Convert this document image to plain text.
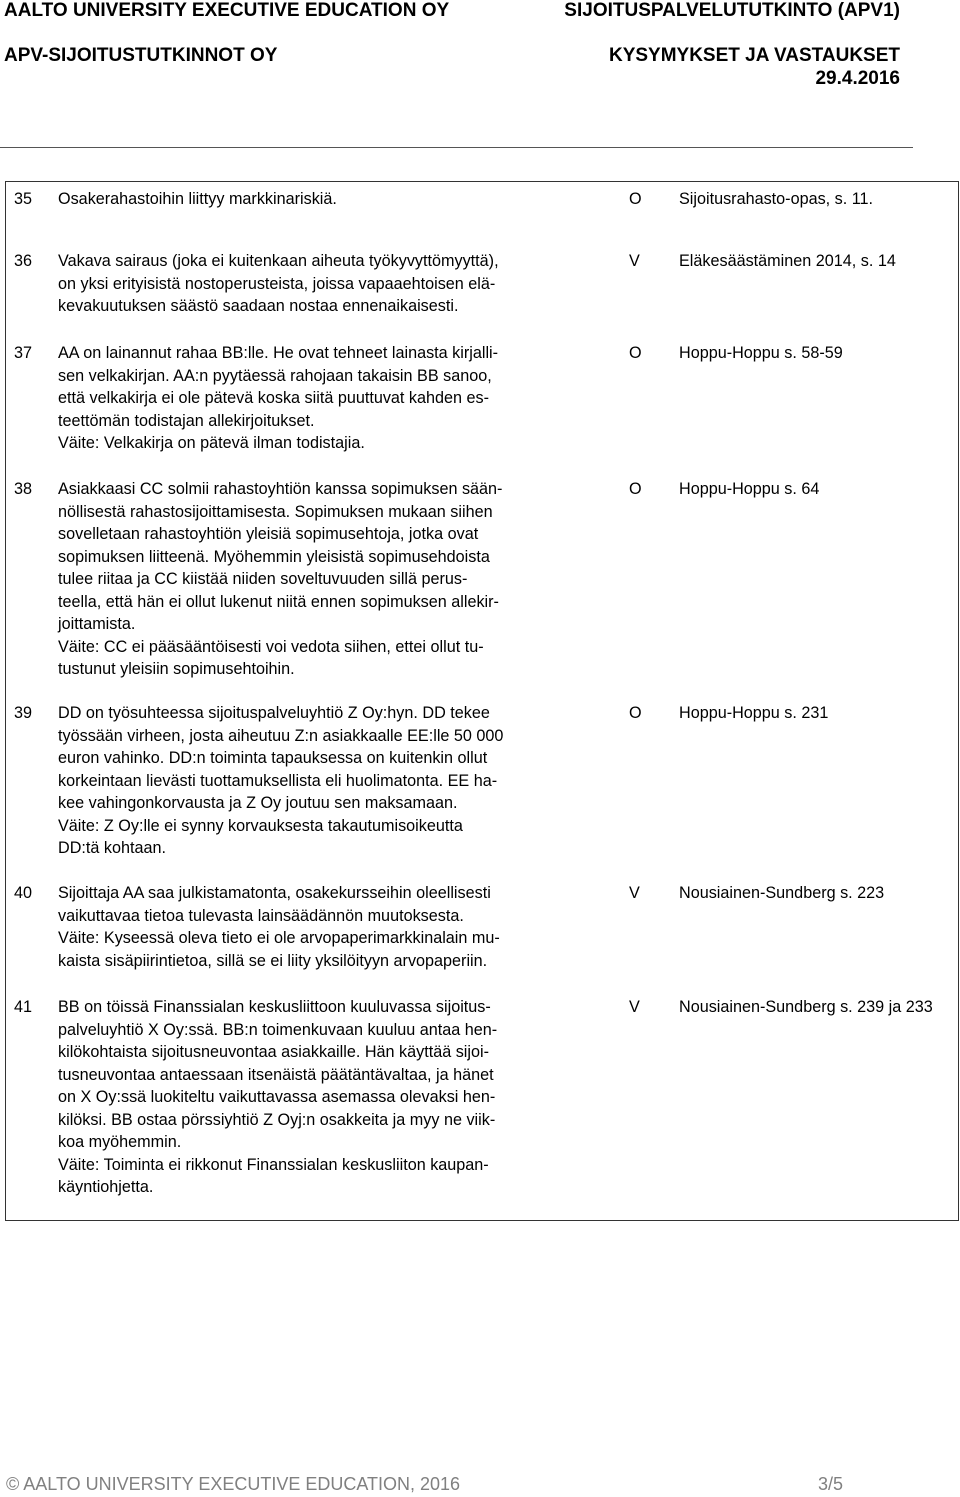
AALTO UNIVERSITY EXECUTIVE EDUCATION OY
APV-SIJOITUSTUTKINNOT OY
SIJOITUSPALVELUTUTKINTO (APV1)
KYSYMYKSET JA VASTAUKSET
29.4.2016
35 Osakerahastoihin liittyy markkinariskiä.	O Sijoitusrahasto-opas, s. 11.
36 Vakava sairaus (joka ei kuitenkaan aiheuta työkyvyttömyyttä),
on yksi erityisistä nostoperusteista, joissa vapaaehtoisen elä-
kevakuutuksen säästö saadaan nostaa ennenaikaisesti.
V Eläkesäästäminen 2014, s. 14
37 AA on lainannut rahaa BB:lle. He ovat tehneet lainasta kirjalli-
sen velkakirjan. AA:n pyytäessä rahojaan takaisin BB sanoo,
että velkakirja ei ole pätevä koska siitä puuttuvat kahden es-
teettömän todistajan allekirjoitukset.
Väite: Velkakirja on pätevä ilman todistajia.
O Hoppu-Hoppu s. 58-59
38 Asiakkaasi CC solmii rahastoyhtiön kanssa sopimuksen sään-
nöllisestä rahastosijoittamisesta. Sopimuksen mukaan siihen
sovelletaan rahastoyhtiön yleisiä sopimusehtoja, jotka ovat
sopimuksen liitteenä. Myöhemmin yleisistä sopimusehdoista
tulee riitaa ja CC kiistää niiden soveltuvuuden sillä perus-
teella, että hän ei ollut lukenut niitä ennen sopimuksen allekir-
joittamista.
Väite: CC ei pääsääntöisesti voi vedota siihen, ettei ollut tu-
tustunut yleisiin sopimusehtoihin.
O Hoppu-Hoppu s. 64
39 DD on työsuhteessa sijoituspalveluyhtiö Z Oy:hyn. DD tekee
työssään virheen, josta aiheutuu Z:n asiakkaalle EE:lle 50 000
euron vahinko. DD:n toiminta tapauksessa on kuitenkin ollut
korkeintaan lievästi tuottamuksellista eli huolimatonta. EE ha-
kee vahingonkorvausta ja Z Oy joutuu sen maksamaan.
Väite: Z Oy:lle ei synny korvauksesta takautumisoikeutta
DD:tä kohtaan.
O Hoppu-Hoppu s. 231
40 Sijoittaja AA saa julkistamatonta, osakekursseihin oleellisesti
vaikuttavaa tietoa tulevasta lainsäädännön muutoksesta.
Väite: Kyseessä oleva tieto ei ole arvopaperimarkkinalain mu-
kaista sisäpiirintietoa, sillä se ei liity yksilöityyn arvopaperiin.
V Nousiainen-Sundberg s. 223
41 BB on töissä Finanssialan keskusliittoon kuuluvassa sijoitus-
palveluyhtiö X Oy:ssä. BB:n toimenkuvaan kuuluu antaa hen-
kilökohtaista sijoitusneuvontaa asiakkaille. Hän käyttää sijoi-
tusneuvontaa antaessaan itsenäistä päätäntävaltaa, ja hänet
on X Oy:ssä luokiteltu vaikuttavassa asemassa olevaksi hen-
kilöksi. BB ostaa pörssiyhtiö Z Oyj:n osakkeita ja myy ne viik-
koa myöhemmin.
Väite: Toiminta ei rikkonut Finanssialan keskusliiton kaupan-
käyntiohjetta.
V Nousiainen-Sundberg s. 239 ja 233
© AALTO UNIVERSITY EXECUTIVE EDUCATION, 2016	3/5
